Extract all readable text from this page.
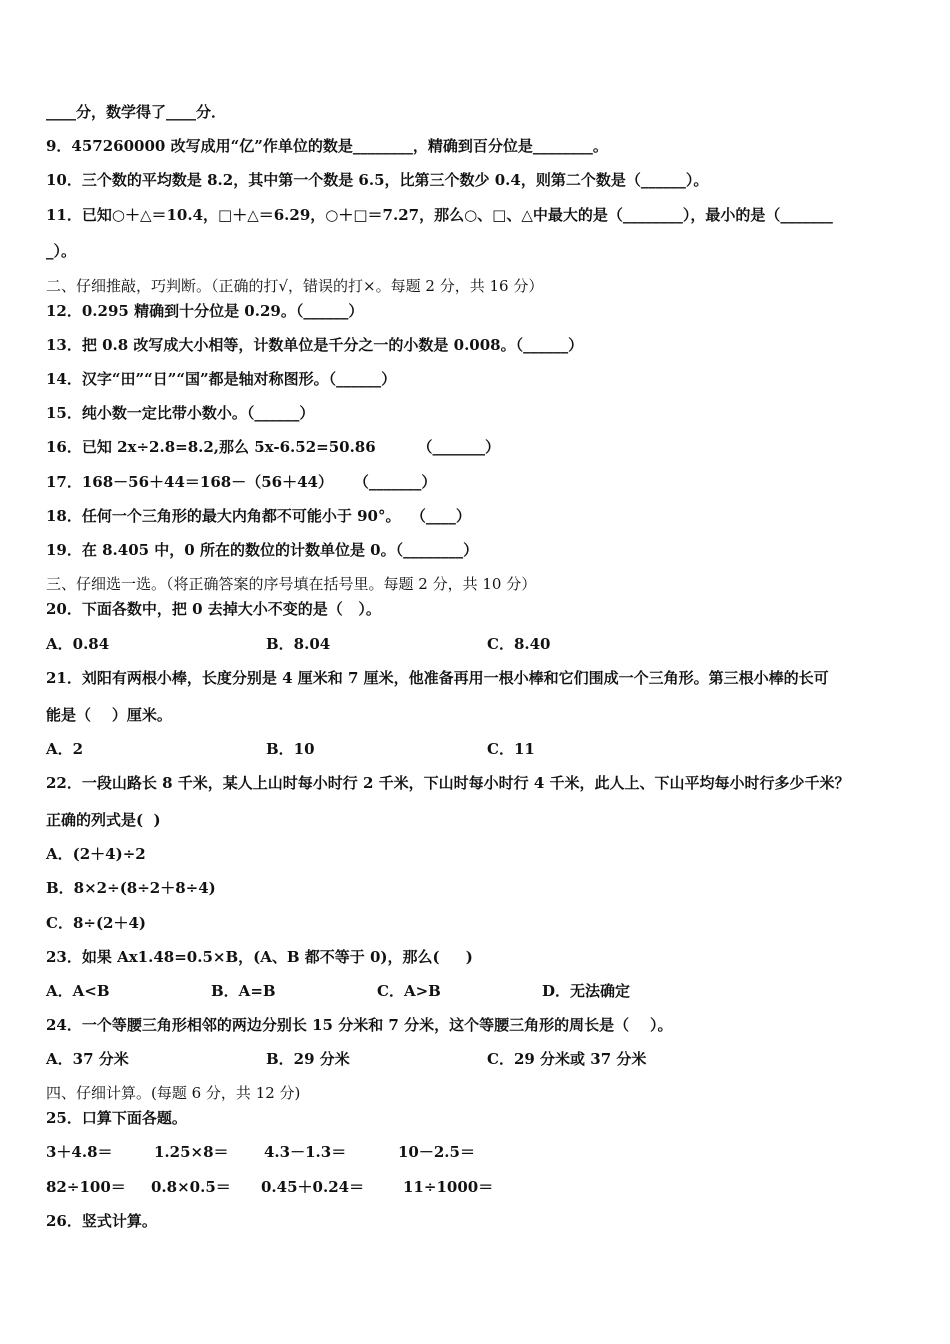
____分，数学得了____分．
9．457260000 改写成用“亿”作单位的数是________，精确到百分位是________。
10．三个数的平均数是 8.2，其中第一个数是 6.5，比第三个数少 0.4，则第二个数是（______）。
11．已知○＋△＝10.4，□＋△＝6.29，○＋□＝7.27，那么○、□、△中最大的是（________），最小的是（_______
_）。
二、仔细推敲，巧判断。（正确的打√，错误的打×。每题 2 分，共 16 分）
12．0.295 精确到十分位是 0.29。（______）
13．把 0.8 改写成大小相等，计数单位是千分之一的小数是 0.008。（______）
14．汉字“田”“日”“国”都是轴对称图形。（______）
15．纯小数一定比带小数小。（______）
16．已知 2x÷2.8=8.2,那么 5x-6.52=50.86        （_______）
17．168－56＋44＝168－（56＋44）    （_______）
18．任何一个三角形的最大内角都不可能小于 90°。  （____）
19．在 8.405 中，0 所在的数位的计数单位是 0。（________）
三、仔细选一选。（将正确答案的序号填在括号里。每题 2 分，共 10 分）
20．下面各数中，把 0 去掉大小不变的是（   ）。
A．0.84	B．8.04	C．8.40
21．刘阳有两根小棒，长度分别是 4 厘米和 7 厘米，他准备再用一根小棒和它们围成一个三角形。第三根小棒的长可
能是（    ）厘米。
A．2	B．10	C．11
22．一段山路长 8 千米，某人上山时每小时行 2 千米，下山时每小时行 4 千米，此人上、下山平均每小时行多少千米？
正确的列式是(  )
A．(2＋4)÷2
B．8×2÷(8÷2＋8÷4)
C．8÷(2＋4)
23．如果 Ax1.48=0.5×B，(A、B 都不等于 0)，那么(     )
A．A<B	B．A=B	C．A>B	D．无法确定
24．一个等腰三角形相邻的两边分别长 15 分米和 7 分米，这个等腰三角形的周长是（    ）。
A．37 分米	B．29 分米	C．29 分米或 37 分米
四、仔细计算。(每题 6 分，共 12 分)
25．口算下面各题。
3＋4.8＝	1.25×8＝ 4.3－1.3＝	10－2.5＝
82÷100＝ 0.8×0.5＝ 0.45＋0.24＝	11÷1000＝
26．竖式计算。
